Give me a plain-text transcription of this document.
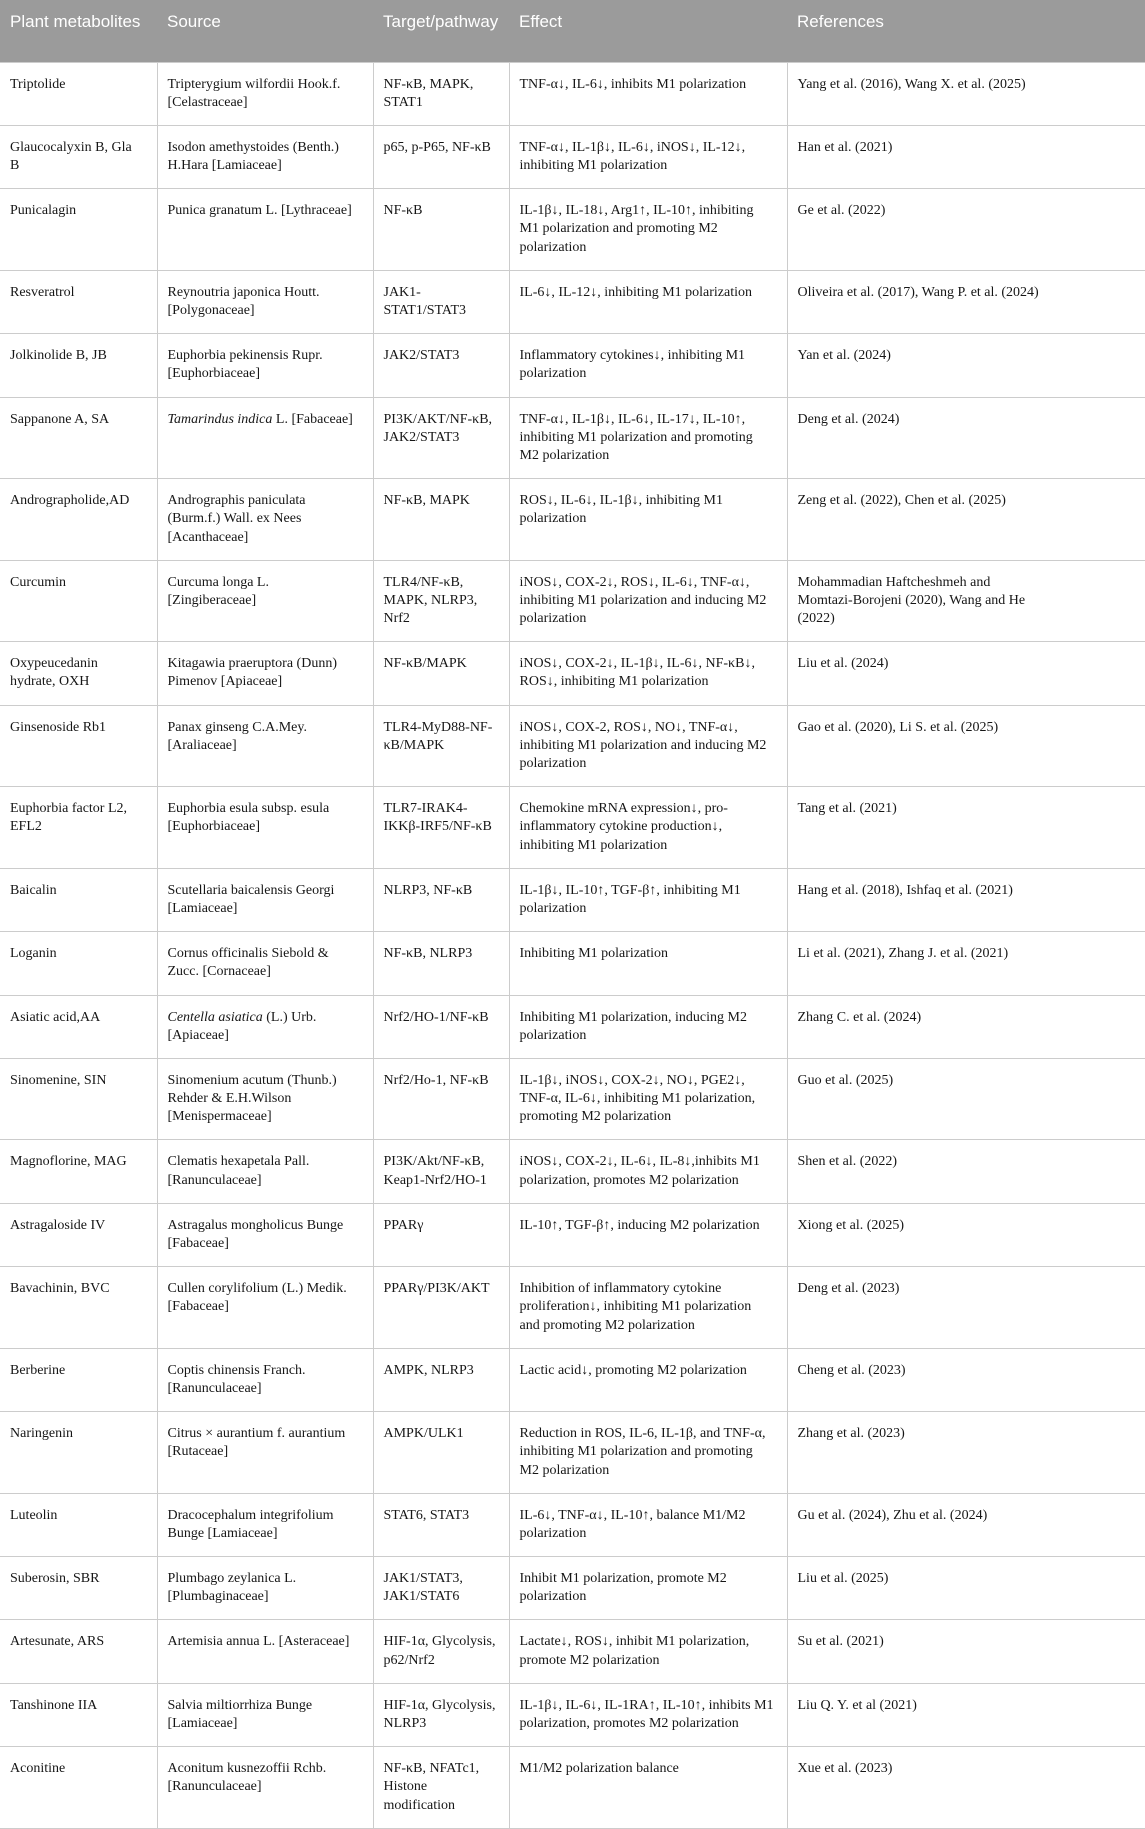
Plant metabolites	Source	Target/pathway	Effect	References
Triptolide	Tripterygium wilfordii Hook.f. [Celastraceae]	NF-κB, MAPK, STAT1	TNF-α↓, IL-6↓, inhibits M1 polarization	Yang et al. (2016), Wang X. et al. (2025)
Glaucocalyxin B, Gla B	Isodon amethystoides (Benth.) H.Hara [Lamiaceae]	p65, p-P65, NF-κB	TNF-α↓, IL-1β↓, IL-6↓, iNOS↓, IL-12↓, inhibiting M1 polarization	Han et al. (2021)
Punicalagin	Punica granatum L. [Lythraceae]	NF-κB	IL-1β↓, IL-18↓, Arg1↑, IL-10↑, inhibiting M1 polarization and promoting M2 polarization	Ge et al. (2022)
Resveratrol	Reynoutria japonica Houtt. [Polygonaceae]	JAK1-STAT1/STAT3	IL-6↓, IL-12↓, inhibiting M1 polarization	Oliveira et al. (2017), Wang P. et al. (2024)
Jolkinolide B, JB	Euphorbia pekinensis Rupr. [Euphorbiaceae]	JAK2/STAT3	Inflammatory cytokines↓, inhibiting M1 polarization	Yan et al. (2024)
Sappanone A, SA	Tamarindus indica L. [Fabaceae]	PI3K/AKT/NF-κB, JAK2/STAT3	TNF-α↓, IL-1β↓, IL-6↓, IL-17↓, IL-10↑, inhibiting M1 polarization and promoting M2 polarization	Deng et al. (2024)
Andrographolide,AD	Andrographis paniculata (Burm.f.) Wall. ex Nees [Acanthaceae]	NF-κB, MAPK	ROS↓, IL-6↓, IL-1β↓, inhibiting M1 polarization	Zeng et al. (2022), Chen et al. (2025)
Curcumin	Curcuma longa L. [Zingiberaceae]	TLR4/NF-κB, MAPK, NLRP3, Nrf2	iNOS↓, COX-2↓, ROS↓, IL-6↓, TNF-α↓, inhibiting M1 polarization and inducing M2 polarization	Mohammadian Haftcheshmeh and Momtazi-Borojeni (2020), Wang and He (2022)
Oxypeucedanin hydrate, OXH	Kitagawia praeruptora (Dunn) Pimenov [Apiaceae]	NF-κB/MAPK	iNOS↓, COX-2↓, IL-1β↓, IL-6↓, NF-κB↓, ROS↓, inhibiting M1 polarization	Liu et al. (2024)
Ginsenoside Rb1	Panax ginseng C.A.Mey. [Araliaceae]	TLR4-MyD88-NF-κB/MAPK	iNOS↓, COX-2, ROS↓, NO↓, TNF-α↓, inhibiting M1 polarization and inducing M2 polarization	Gao et al. (2020), Li S. et al. (2025)
Euphorbia factor L2, EFL2	Euphorbia esula subsp. esula [Euphorbiaceae]	TLR7-IRAK4-IKKβ-IRF5/NF-κB	Chemokine mRNA expression↓, pro-inflammatory cytokine production↓, inhibiting M1 polarization	Tang et al. (2021)
Baicalin	Scutellaria baicalensis Georgi [Lamiaceae]	NLRP3, NF-κB	IL-1β↓, IL-10↑, TGF-β↑, inhibiting M1 polarization	Hang et al. (2018), Ishfaq et al. (2021)
Loganin	Cornus officinalis Siebold & Zucc. [Cornaceae]	NF-κB, NLRP3	Inhibiting M1 polarization	Li et al. (2021), Zhang J. et al. (2021)
Asiatic acid,AA	Centella asiatica (L.) Urb. [Apiaceae]	Nrf2/HO-1/NF-κB	Inhibiting M1 polarization, inducing M2 polarization	Zhang C. et al. (2024)
Sinomenine, SIN	Sinomenium acutum (Thunb.) Rehder & E.H.Wilson [Menispermaceae]	Nrf2/Ho-1, NF-κB	IL-1β↓, iNOS↓, COX-2↓, NO↓, PGE2↓, TNF-α, IL-6↓, inhibiting M1 polarization, promoting M2 polarization	Guo et al. (2025)
Magnoflorine, MAG	Clematis hexapetala Pall. [Ranunculaceae]	PI3K/Akt/NF-κB, Keap1-Nrf2/HO-1	iNOS↓, COX-2↓, IL-6↓, IL-8↓,inhibits M1 polarization, promotes M2 polarization	Shen et al. (2022)
Astragaloside IV	Astragalus mongholicus Bunge [Fabaceae]	PPARγ	IL-10↑, TGF-β↑, inducing M2 polarization	Xiong et al. (2025)
Bavachinin, BVC	Cullen corylifolium (L.) Medik. [Fabaceae]	PPARγ/PI3K/AKT	Inhibition of inflammatory cytokine proliferation↓, inhibiting M1 polarization and promoting M2 polarization	Deng et al. (2023)
Berberine	Coptis chinensis Franch. [Ranunculaceae]	AMPK, NLRP3	Lactic acid↓, promoting M2 polarization	Cheng et al. (2023)
Naringenin	Citrus × aurantium f. aurantium [Rutaceae]	AMPK/ULK1	Reduction in ROS, IL-6, IL-1β, and TNF-α, inhibiting M1 polarization and promoting M2 polarization	Zhang et al. (2023)
Luteolin	Dracocephalum integrifolium Bunge [Lamiaceae]	STAT6, STAT3	IL-6↓, TNF-α↓, IL-10↑, balance M1/M2 polarization	Gu et al. (2024), Zhu et al. (2024)
Suberosin, SBR	Plumbago zeylanica L. [Plumbaginaceae]	JAK1/STAT3, JAK1/STAT6	Inhibit M1 polarization, promote M2 polarization	Liu et al. (2025)
Artesunate, ARS	Artemisia annua L. [Asteraceae]	HIF-1α, Glycolysis, p62/Nrf2	Lactate↓, ROS↓, inhibit M1 polarization, promote M2 polarization	Su et al. (2021)
Tanshinone IIA	Salvia miltiorrhiza Bunge [Lamiaceae]	HIF-1α, Glycolysis, NLRP3	IL-1β↓, IL-6↓, IL-1RA↑, IL-10↑, inhibits M1 polarization, promotes M2 polarization	Liu Q. Y. et al (2021)
Aconitine	Aconitum kusnezoffii Rchb. [Ranunculaceae]	NF-κB, NFATc1, Histone modification	M1/M2 polarization balance	Xue et al. (2023)
